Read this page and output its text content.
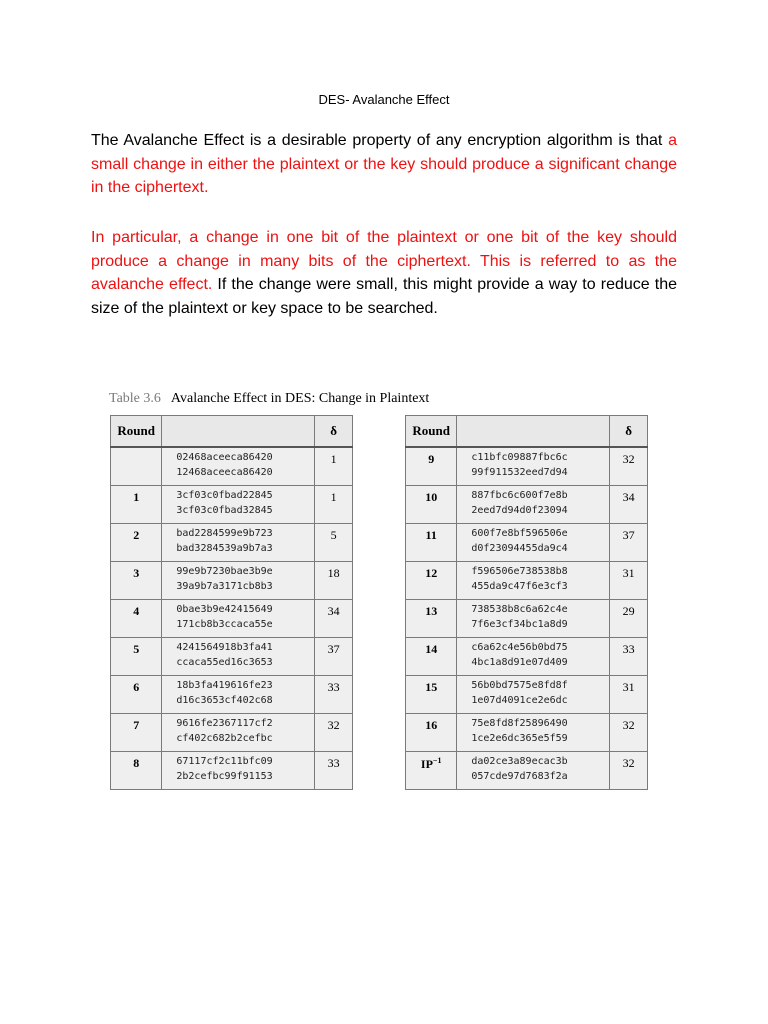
DES- Avalanche Effect

The Avalanche Effect is a desirable property of any encryption algorithm is that a small change in either the plaintext or the key should produce a significant change in the ciphertext.

In particular, a change in one bit of the plaintext or one bit of the key should produce a change in many bits of the ciphertext. This is referred to as the avalanche effect. If the change were small, this might provide a way to reduce the size of the plaintext or key space to be searched.

Table 3.6 Avalanche Effect in DES: Change in Plaintext
Round		δ

	02468aceeca86420
12468aceeca86420	1
1	3cf03c0fbad22845
3cf03c0fbad32845	1
2	bad2284599e9b723
bad3284539a9b7a3	5
3	99e9b7230bae3b9e
39a9b7a3171cb8b3	18
4	0bae3b9e42415649
171cb8b3ccaca55e	34
5	4241564918b3fa41
ccaca55ed16c3653	37
6	18b3fa419616fe23
d16c3653cf402c68	33
7	9616fe2367117cf2
cf402c682b2cefbc	32
8	67117cf2c11bfc09
2b2cefbc99f91153	33
Round		δ
9	c11bfc09887fbc6c
99f911532eed7d94	32
10	887fbc6c600f7e8b
2eed7d94d0f23094	34
11	600f7e8bf596506e
d0f23094455da9c4	37
12	f596506e738538b8
455da9c47f6e3cf3	31
13	738538b8c6a62c4e
7f6e3cf34bc1a8d9	29
14	c6a62c4e56b0bd75
4bc1a8d91e07d409	33
15	56b0bd7575e8fd8f
1e07d4091ce2e6dc	31
16	75e8fd8f25896490
1ce2e6dc365e5f59	32
$IP^{-1}$	da02ce3a89ecac3b
057cde97d7683f2a	32
